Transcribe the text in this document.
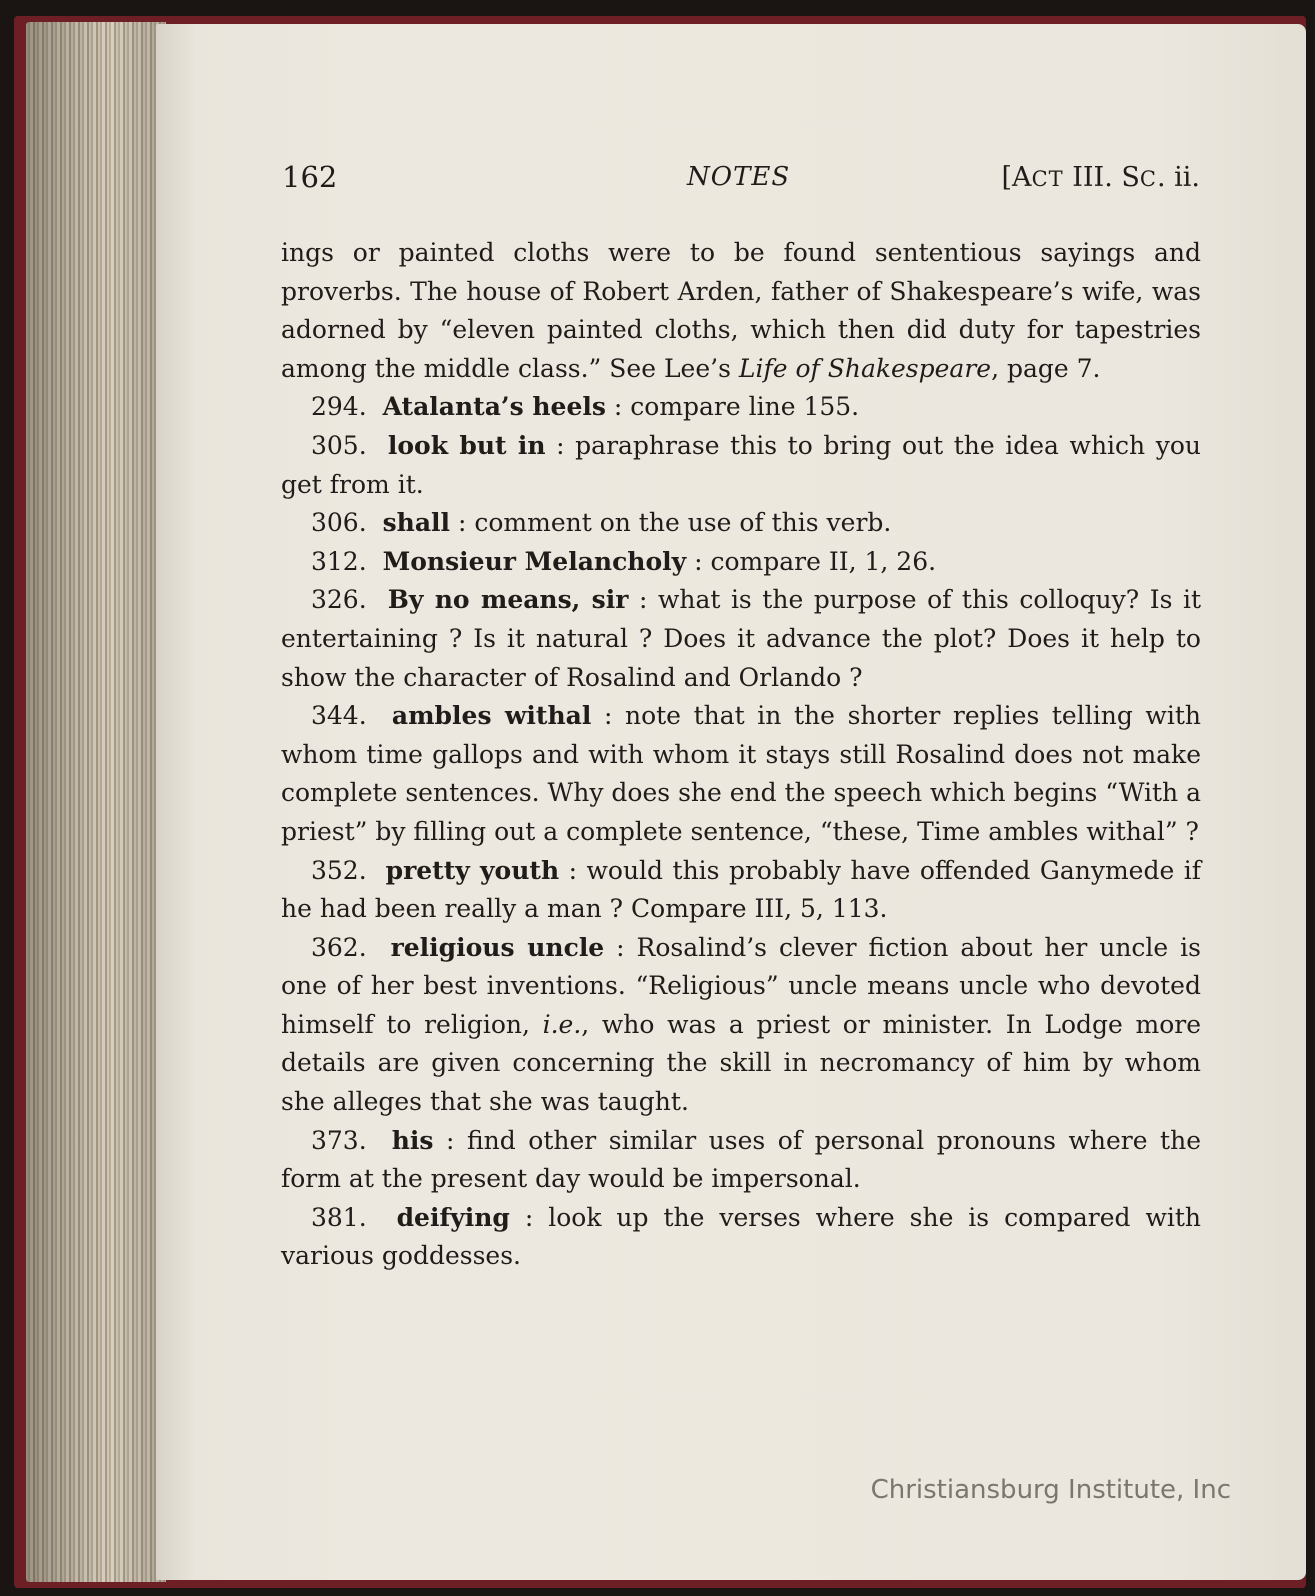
162	NOTES	[ACT III. SC. ii.

ings or painted cloths were to be found sententious sayings and proverbs. The house of Robert Arden, father of Shakespeare’s wife, was adorned by “eleven painted cloths, which then did duty for tapestries among the middle class.” See Lee’s Life of Shakespeare, page 7.

294. Atalanta’s heels : compare line 155.

305. look but in : paraphrase this to bring out the idea which you get from it.

306. shall : comment on the use of this verb.

312. Monsieur Melancholy : compare II, 1, 26.

326. By no means, sir : what is the purpose of this colloquy? Is it entertaining ? Is it natural ? Does it advance the plot? Does it help to show the character of Rosalind and Orlando ?

344. ambles withal : note that in the shorter replies telling with whom time gallops and with whom it stays still Rosalind does not make complete sentences. Why does she end the speech which begins “With a priest” by filling out a complete sentence, “these, Time ambles withal” ?

352. pretty youth : would this probably have offended Ganymede if he had been really a man ? Compare III, 5, 113.

362. religious uncle : Rosalind’s clever fiction about her uncle is one of her best inventions. “Religious” uncle means uncle who devoted himself to religion, i.e., who was a priest or minister. In Lodge more details are given concerning the skill in necromancy of him by whom she alleges that she was taught.

373. his : find other similar uses of personal pronouns where the form at the present day would be impersonal.

381. deifying : look up the verses where she is compared with various goddesses.

Christiansburg Institute, Inc
